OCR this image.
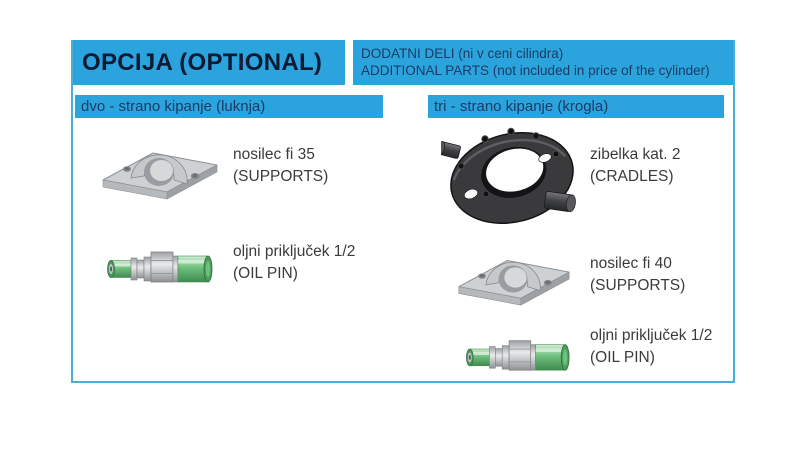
OPCIJA (OPTIONAL)	DODATNI DELI (ni v ceni cilindra)
ADDITIONAL PARTS (not included in price of the cylinder)
dvo - strano kipanje (luknja)	tri - strano kipanje (krogla)
nosilec fi 35
(SUPPORTS)
oljni priključek 1/2
(OIL PIN)
zibelka kat. 2
(CRADLES)
nosilec fi 40
(SUPPORTS)
oljni priključek 1/2
(OIL PIN)
